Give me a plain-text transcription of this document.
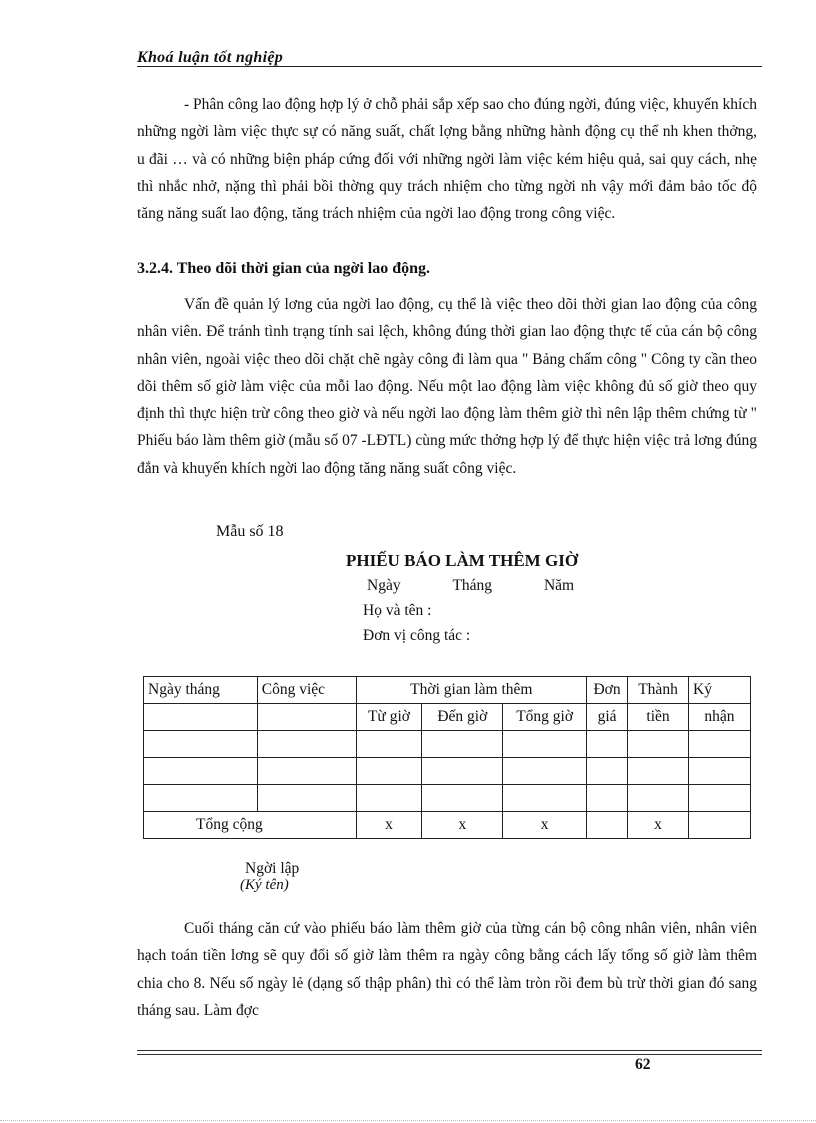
Khoá luận tốt nghiệp

- Phân công lao động hợp lý ở chỗ phải sắp xếp sao cho đúng ngời, đúng việc, khuyến khích những ngời làm việc thực sự có năng suất, chất lợng bằng những hành động cụ thể nh khen thởng, u đãi … và có những biện pháp cứng đối với những ngời làm việc kém hiệu quả, sai quy cách, nhẹ thì nhắc nhở, nặng thì phải bồi thờng quy trách nhiệm cho từng ngời nh vậy mới đảm bảo tốc độ tăng năng suất lao động, tăng trách nhiệm của ngời lao động trong công việc.

3.2.4. Theo dõi thời gian của ngời lao động.

Vấn đề quản lý lơng của ngời lao động, cụ thể là việc theo dõi thời gian lao động của công nhân viên. Để tránh tình trạng tính sai lệch, không đúng thời gian lao động thực tế của cán bộ công nhân viên, ngoài việc theo dõi chặt chẽ ngày công đi làm qua " Bảng chấm công " Công ty cần theo dõi thêm số giờ làm việc của mỗi lao động. Nếu một lao động làm việc không đủ số giờ theo quy định thì thực hiện trừ công theo giờ và nếu ngời lao động làm thêm giờ thì nên lập thêm chứng từ " Phiếu báo làm thêm giờ (mẫu số 07 -LĐTL) cùng mức thởng hợp lý để thực hiện việc trả lơng đúng đắn và khuyến khích ngời lao động tăng năng suất công việc.

Mẫu số 18
PHIẾU BÁO LÀM THÊM GIỜ
Ngày	Tháng	Năm
Họ và tên :
Đơn vị công tác :
Ngày tháng	Công việc	Thời gian làm thêm			Đơn	Thành	Ký
		Từ giờ	Đến giờ	Tổng giờ	giá	tiền	nhận

Tổng cộng		x	x	x		x	
Ngời lập
(Ký tên)

Cuối tháng căn cứ vào phiếu báo làm thêm giờ của từng cán bộ công nhân viên, nhân viên hạch toán tiền lơng sẽ quy đổi số giờ làm thêm ra ngày công bằng cách lấy tổng số giờ làm thêm chia cho 8. Nếu số ngày lẻ (dạng số thập phân) thì có thể làm tròn rồi đem bù trừ thời gian đó sang tháng sau. Làm đợc

62
